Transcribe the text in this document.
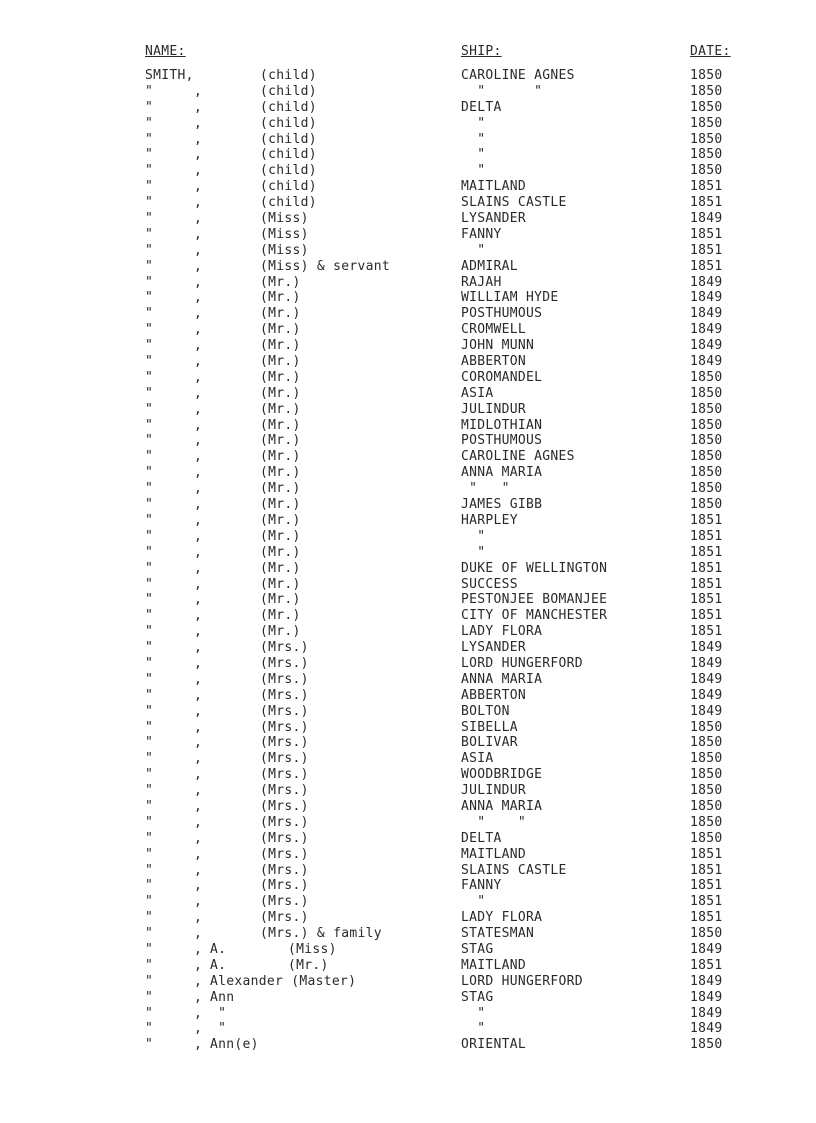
NAME:	SHIP:	DATE:
SMITH,	(child)	CAROLINE AGNES	1850
"	,	(child)	"      "	1850
"	,	(child)	DELTA	1850
"	,	(child)	"	1850
"	,	(child)	"	1850
"	,	(child)	"	1850
"	,	(child)	"	1850
"	,	(child)	MAITLAND	1851
"	,	(child)	SLAINS CASTLE	1851
"	,	(Miss)	LYSANDER	1849
"	,	(Miss)	FANNY	1851
"	,	(Miss)	"	1851
"	,	(Miss) & servant	ADMIRAL	1851
"	,	(Mr.)	RAJAH	1849
"	,	(Mr.)	WILLIAM HYDE	1849
"	,	(Mr.)	POSTHUMOUS	1849
"	,	(Mr.)	CROMWELL	1849
"	,	(Mr.)	JOHN MUNN	1849
"	,	(Mr.)	ABBERTON	1849
"	,	(Mr.)	COROMANDEL	1850
"	,	(Mr.)	ASIA	1850
"	,	(Mr.)	JULINDUR	1850
"	,	(Mr.)	MIDLOTHIAN	1850
"	,	(Mr.)	POSTHUMOUS	1850
"	,	(Mr.)	CAROLINE AGNES	1850
"	,	(Mr.)	ANNA MARIA	1850
"	,	(Mr.)	"   "	1850
"	,	(Mr.)	JAMES GIBB	1850
"	,	(Mr.)	HARPLEY	1851
"	,	(Mr.)	"	1851
"	,	(Mr.)	"	1851
"	,	(Mr.)	DUKE OF WELLINGTON	1851
"	,	(Mr.)	SUCCESS	1851
"	,	(Mr.)	PESTONJEE BOMANJEE	1851
"	,	(Mr.)	CITY OF MANCHESTER	1851
"	,	(Mr.)	LADY FLORA	1851
"	,	(Mrs.)	LYSANDER	1849
"	,	(Mrs.)	LORD HUNGERFORD	1849
"	,	(Mrs.)	ANNA MARIA	1849
"	,	(Mrs.)	ABBERTON	1849
"	,	(Mrs.)	BOLTON	1849
"	,	(Mrs.)	SIBELLA	1850
"	,	(Mrs.)	BOLIVAR	1850
"	,	(Mrs.)	ASIA	1850
"	,	(Mrs.)	WOODBRIDGE	1850
"	,	(Mrs.)	JULINDUR	1850
"	,	(Mrs.)	ANNA MARIA	1850
"	,	(Mrs.)	"    "	1850
"	,	(Mrs.)	DELTA	1850
"	,	(Mrs.)	MAITLAND	1851
"	,	(Mrs.)	SLAINS CASTLE	1851
"	,	(Mrs.)	FANNY	1851
"	,	(Mrs.)	"	1851
"	,	(Mrs.)	LADY FLORA	1851
"	,	(Mrs.) & family	STATESMAN	1850
"	, A.	(Miss)	STAG	1849
"	, A.	(Mr.)	MAITLAND	1851
"	, Alexander (Master)	LORD HUNGERFORD	1849
"	, Ann	STAG	1849
"	, "	"	1849
"	, "	"	1849
"	, Ann(e)	ORIENTAL	1850
